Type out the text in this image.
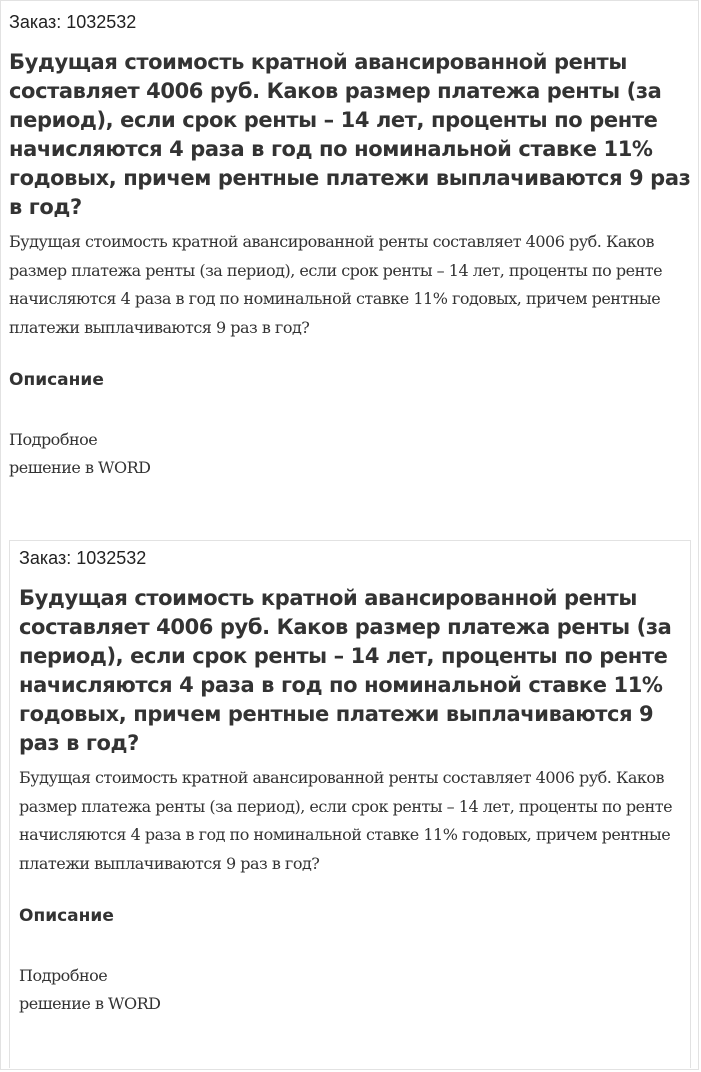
Заказ: 1032532

Будущая стоимость кратной авансированной ренты составляет 4006 руб. Каков размер платежа ренты (за период), если срок ренты – 14 лет, проценты по ренте начисляются 4 раза в год по номинальной ставке 11% годовых, причем рентные платежи выплачиваются 9 раз в год?

Будущая стоимость кратной авансированной ренты составляет 4006 руб. Каков размер платежа ренты (за период), если срок ренты – 14 лет, проценты по ренте начисляются 4 раза в год по номинальной ставке 11% годовых, причем рентные платежи выплачиваются 9 раз в год?

Описание

Подробное
решение в WORD

Заказ: 1032532

Будущая стоимость кратной авансированной ренты составляет 4006 руб. Каков размер платежа ренты (за период), если срок ренты – 14 лет, проценты по ренте начисляются 4 раза в год по номинальной ставке 11% годовых, причем рентные платежи выплачиваются 9 раз в год?

Будущая стоимость кратной авансированной ренты составляет 4006 руб. Каков размер платежа ренты (за период), если срок ренты – 14 лет, проценты по ренте начисляются 4 раза в год по номинальной ставке 11% годовых, причем рентные платежи выплачиваются 9 раз в год?

Описание

Подробное
решение в WORD
